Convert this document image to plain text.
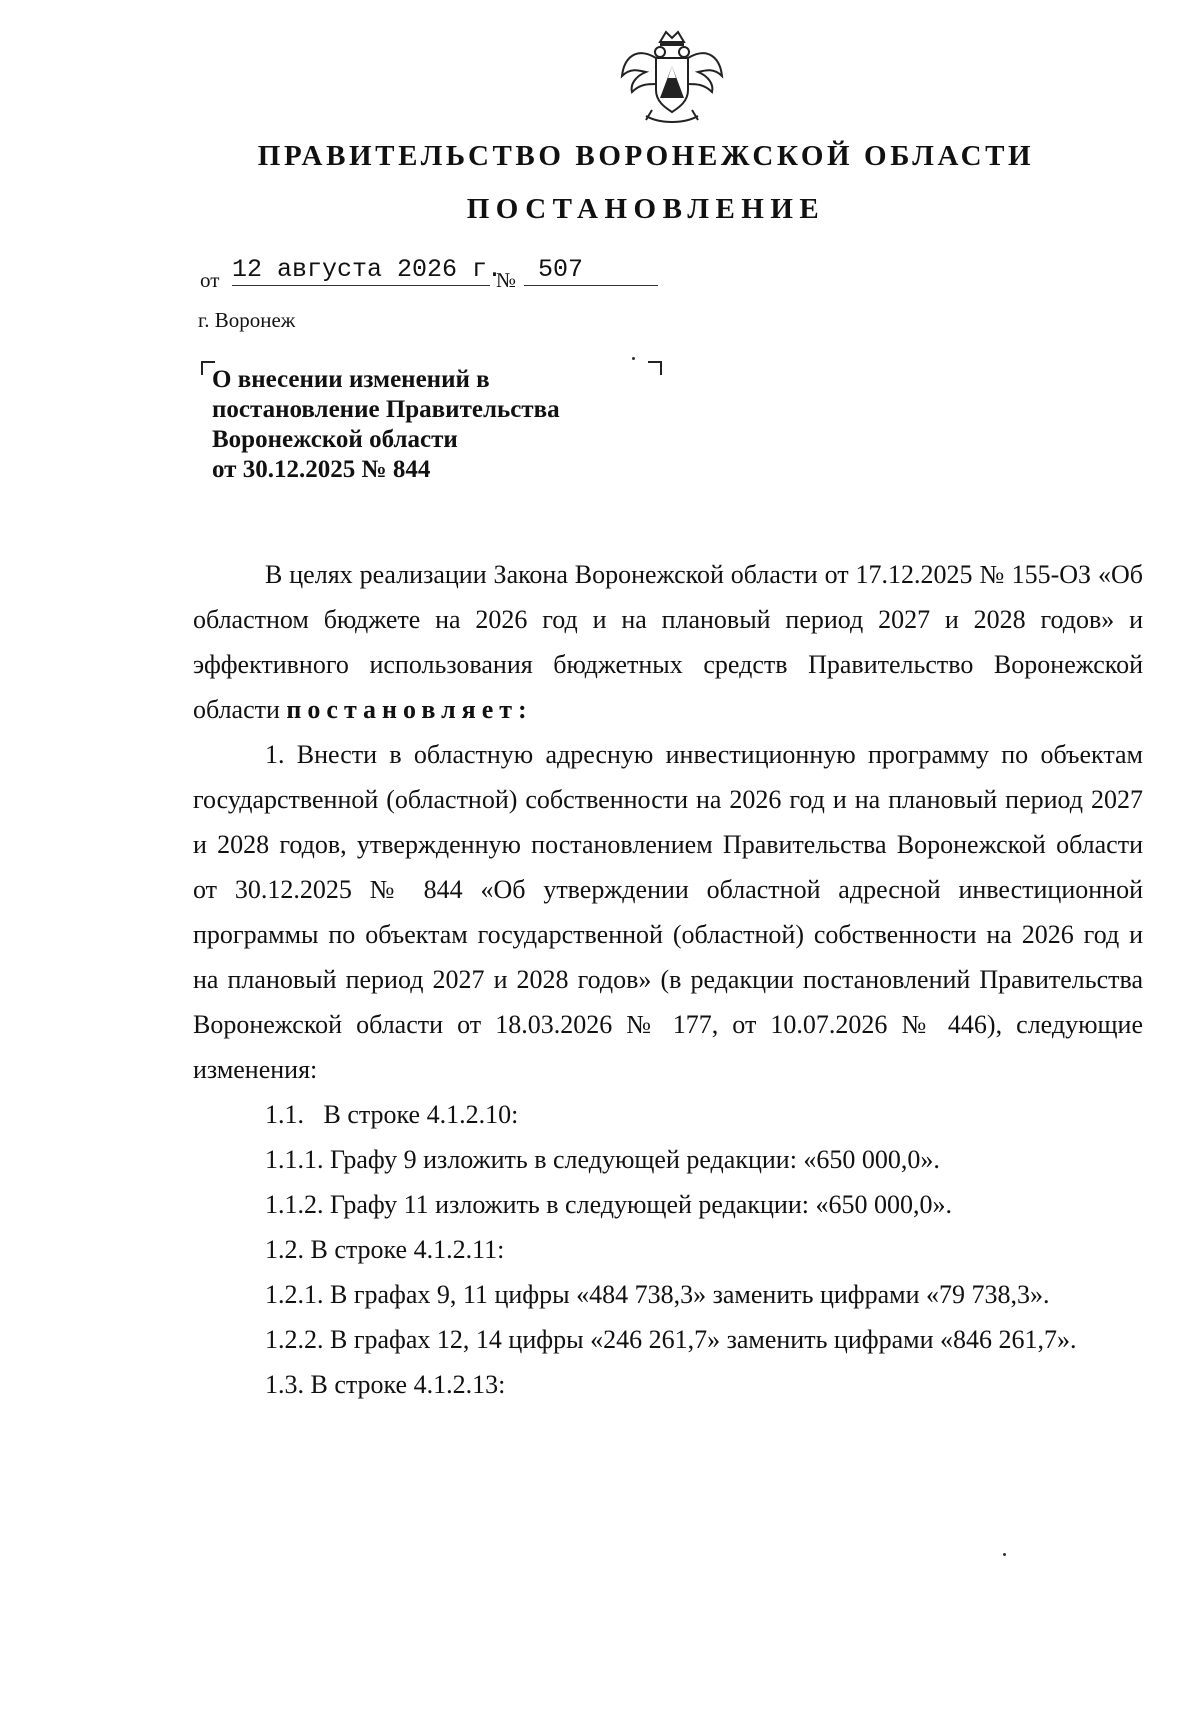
ПРАВИТЕЛЬСТВО ВОРОНЕЖСКОЙ ОБЛАСТИ
ПОСТАНОВЛЕНИЕ
от 12 августа 2026 г.
№ 507
г. Воронеж
О внесении изменений в
постановление Правительства
Воронежской области
от 30.12.2025 № 844

В целях реализации Закона Воронежской области от 17.12.2025 № 155-ОЗ «Об областном бюджете на 2026 год и на плановый период 2027 и 2028 годов» и эффективного использования бюджетных средств Правительство Воронежской области постановляет:

1. Внести в областную адресную инвестиционную программу по объектам государственной (областной) собственности на 2026 год и на плановый период 2027 и 2028 годов, утвержденную постановлением Правительства Воронежской области от 30.12.2025 № 844 «Об утверждении областной адресной инвестиционной программы по объектам государственной (областной) собственности на 2026 год и на плановый период 2027 и 2028 годов» (в редакции постановлений Правительства Воронежской области от 18.03.2026 № 177, от 10.07.2026 № 446), следующие изменения:

1.1.   В строке 4.1.2.10:

1.1.1. Графу 9 изложить в следующей редакции: «650 000,0».

1.1.2. Графу 11 изложить в следующей редакции: «650 000,0».

1.2. В строке 4.1.2.11:

1.2.1. В графах 9, 11 цифры «484 738,3» заменить цифрами «79 738,3».

1.2.2. В графах 12, 14 цифры «246 261,7» заменить цифрами «846 261,7».

1.3. В строке 4.1.2.13:
